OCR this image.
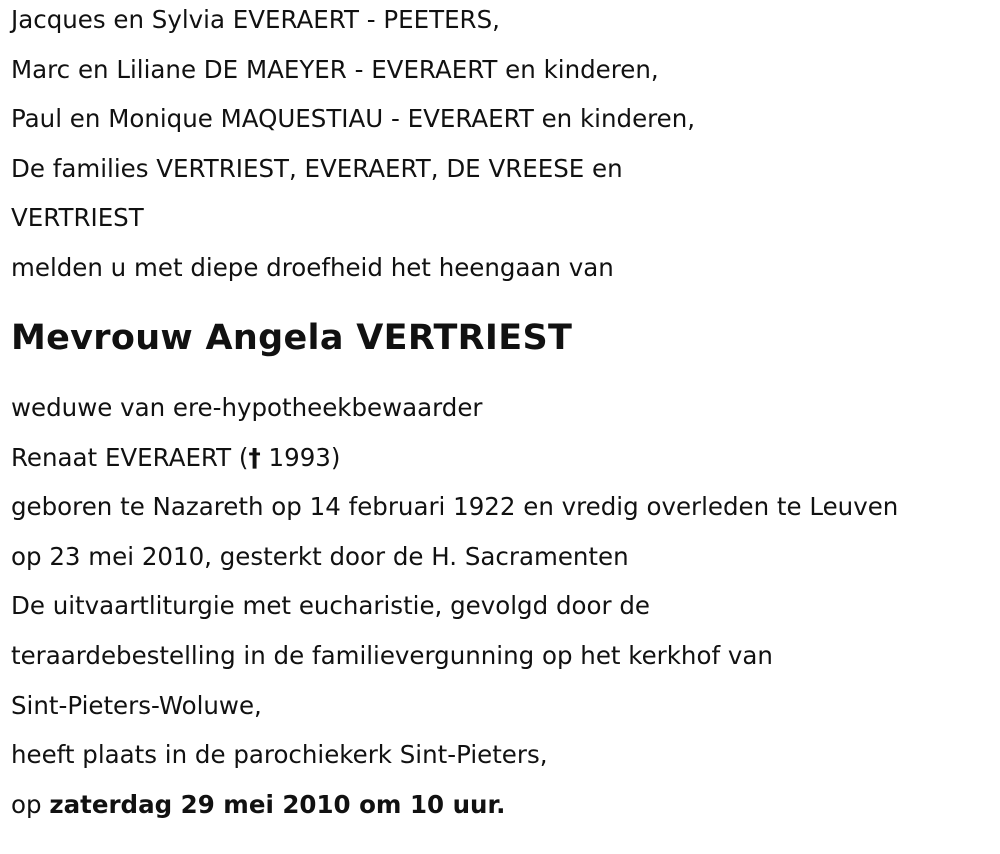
Jacques en Sylvia EVERAERT - PEETERS,

Marc en Liliane DE MAEYER - EVERAERT en kinderen,

Paul en Monique MAQUESTIAU - EVERAERT en kinderen,

De families VERTRIEST, EVERAERT, DE VREESE en

VERTRIEST

melden u met diepe droefheid het heengaan van

Mevrouw Angela VERTRIEST

weduwe van ere-hypotheekbewaarder

Renaat EVERAERT († 1993)

geboren te Nazareth op 14 februari 1922 en vredig overleden te Leuven

op 23 mei 2010, gesterkt door de H. Sacramenten

De uitvaartliturgie met eucharistie, gevolgd door de

teraardebestelling in de familievergunning op het kerkhof van

Sint-Pieters-Woluwe,

heeft plaats in de parochiekerk Sint-Pieters,

op zaterdag 29 mei 2010 om 10 uur.
